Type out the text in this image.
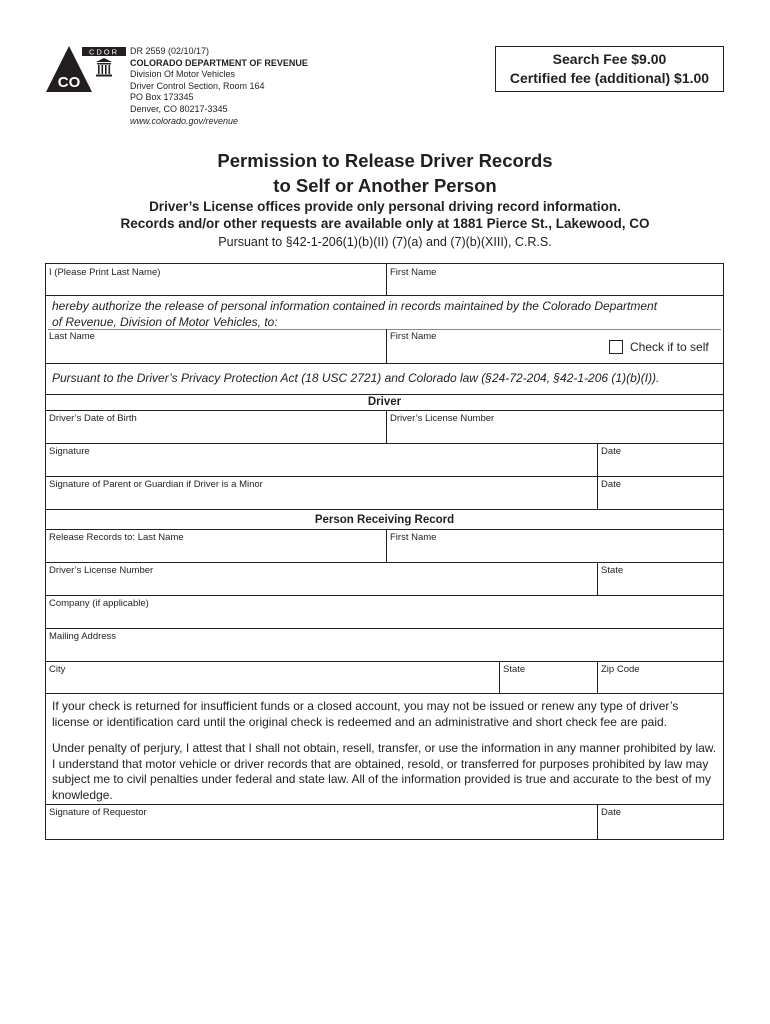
CO
CDOR
™
DR 2559 (02/10/17)
COLORADO DEPARTMENT OF REVENUE
Division Of Motor Vehicles
Driver Control Section, Room 164
PO Box 173345
Denver, CO 80217-3345
www.colorado.gov/revenue
Search Fee $9.00
Certified fee (additional) $1.00
Permission to Release Driver Records
to Self or Another Person
Driver’s License offices provide only personal driving record information.
Records and/or other requests are available only at 1881 Pierce St., Lakewood, CO
Pursuant to §42-1-206(1)(b)(II) (7)(a) and (7)(b)(XIII), C.R.S.
I (Please Print Last Name)	First Name
hereby authorize the release of personal information contained in records maintained by the Colorado Department
of Revenue, Division of Motor Vehicles, to:
Last Name	First Name
Check if to self
Pursuant to the Driver’s Privacy Protection Act (18 USC 2721) and Colorado law (§24-72-204, §42-1-206 (1)(b)(I)).
Driver
Driver’s Date of Birth	Driver’s License Number
Signature	Date
Signature of Parent or Guardian if Driver is a Minor	Date
Person Receiving Record
Release Records to: Last Name	First Name
Driver’s License Number	State
Company (if applicable)
Mailing Address
City	State	Zip Code
If your check is returned for insufficient funds or a closed account, you may not be issued or renew any type of driver’s license or identification card until the original check is redeemed and an administrative and short check fee are paid.
Under penalty of perjury, I attest that I shall not obtain, resell, transfer, or use the information in any manner prohibited by law. I understand that motor vehicle or driver records that are obtained, resold, or transferred for purposes prohibited by law may subject me to civil penalties under federal and state law. All of the information provided is true and accurate to the best of my knowledge.
Signature of Requestor	Date
